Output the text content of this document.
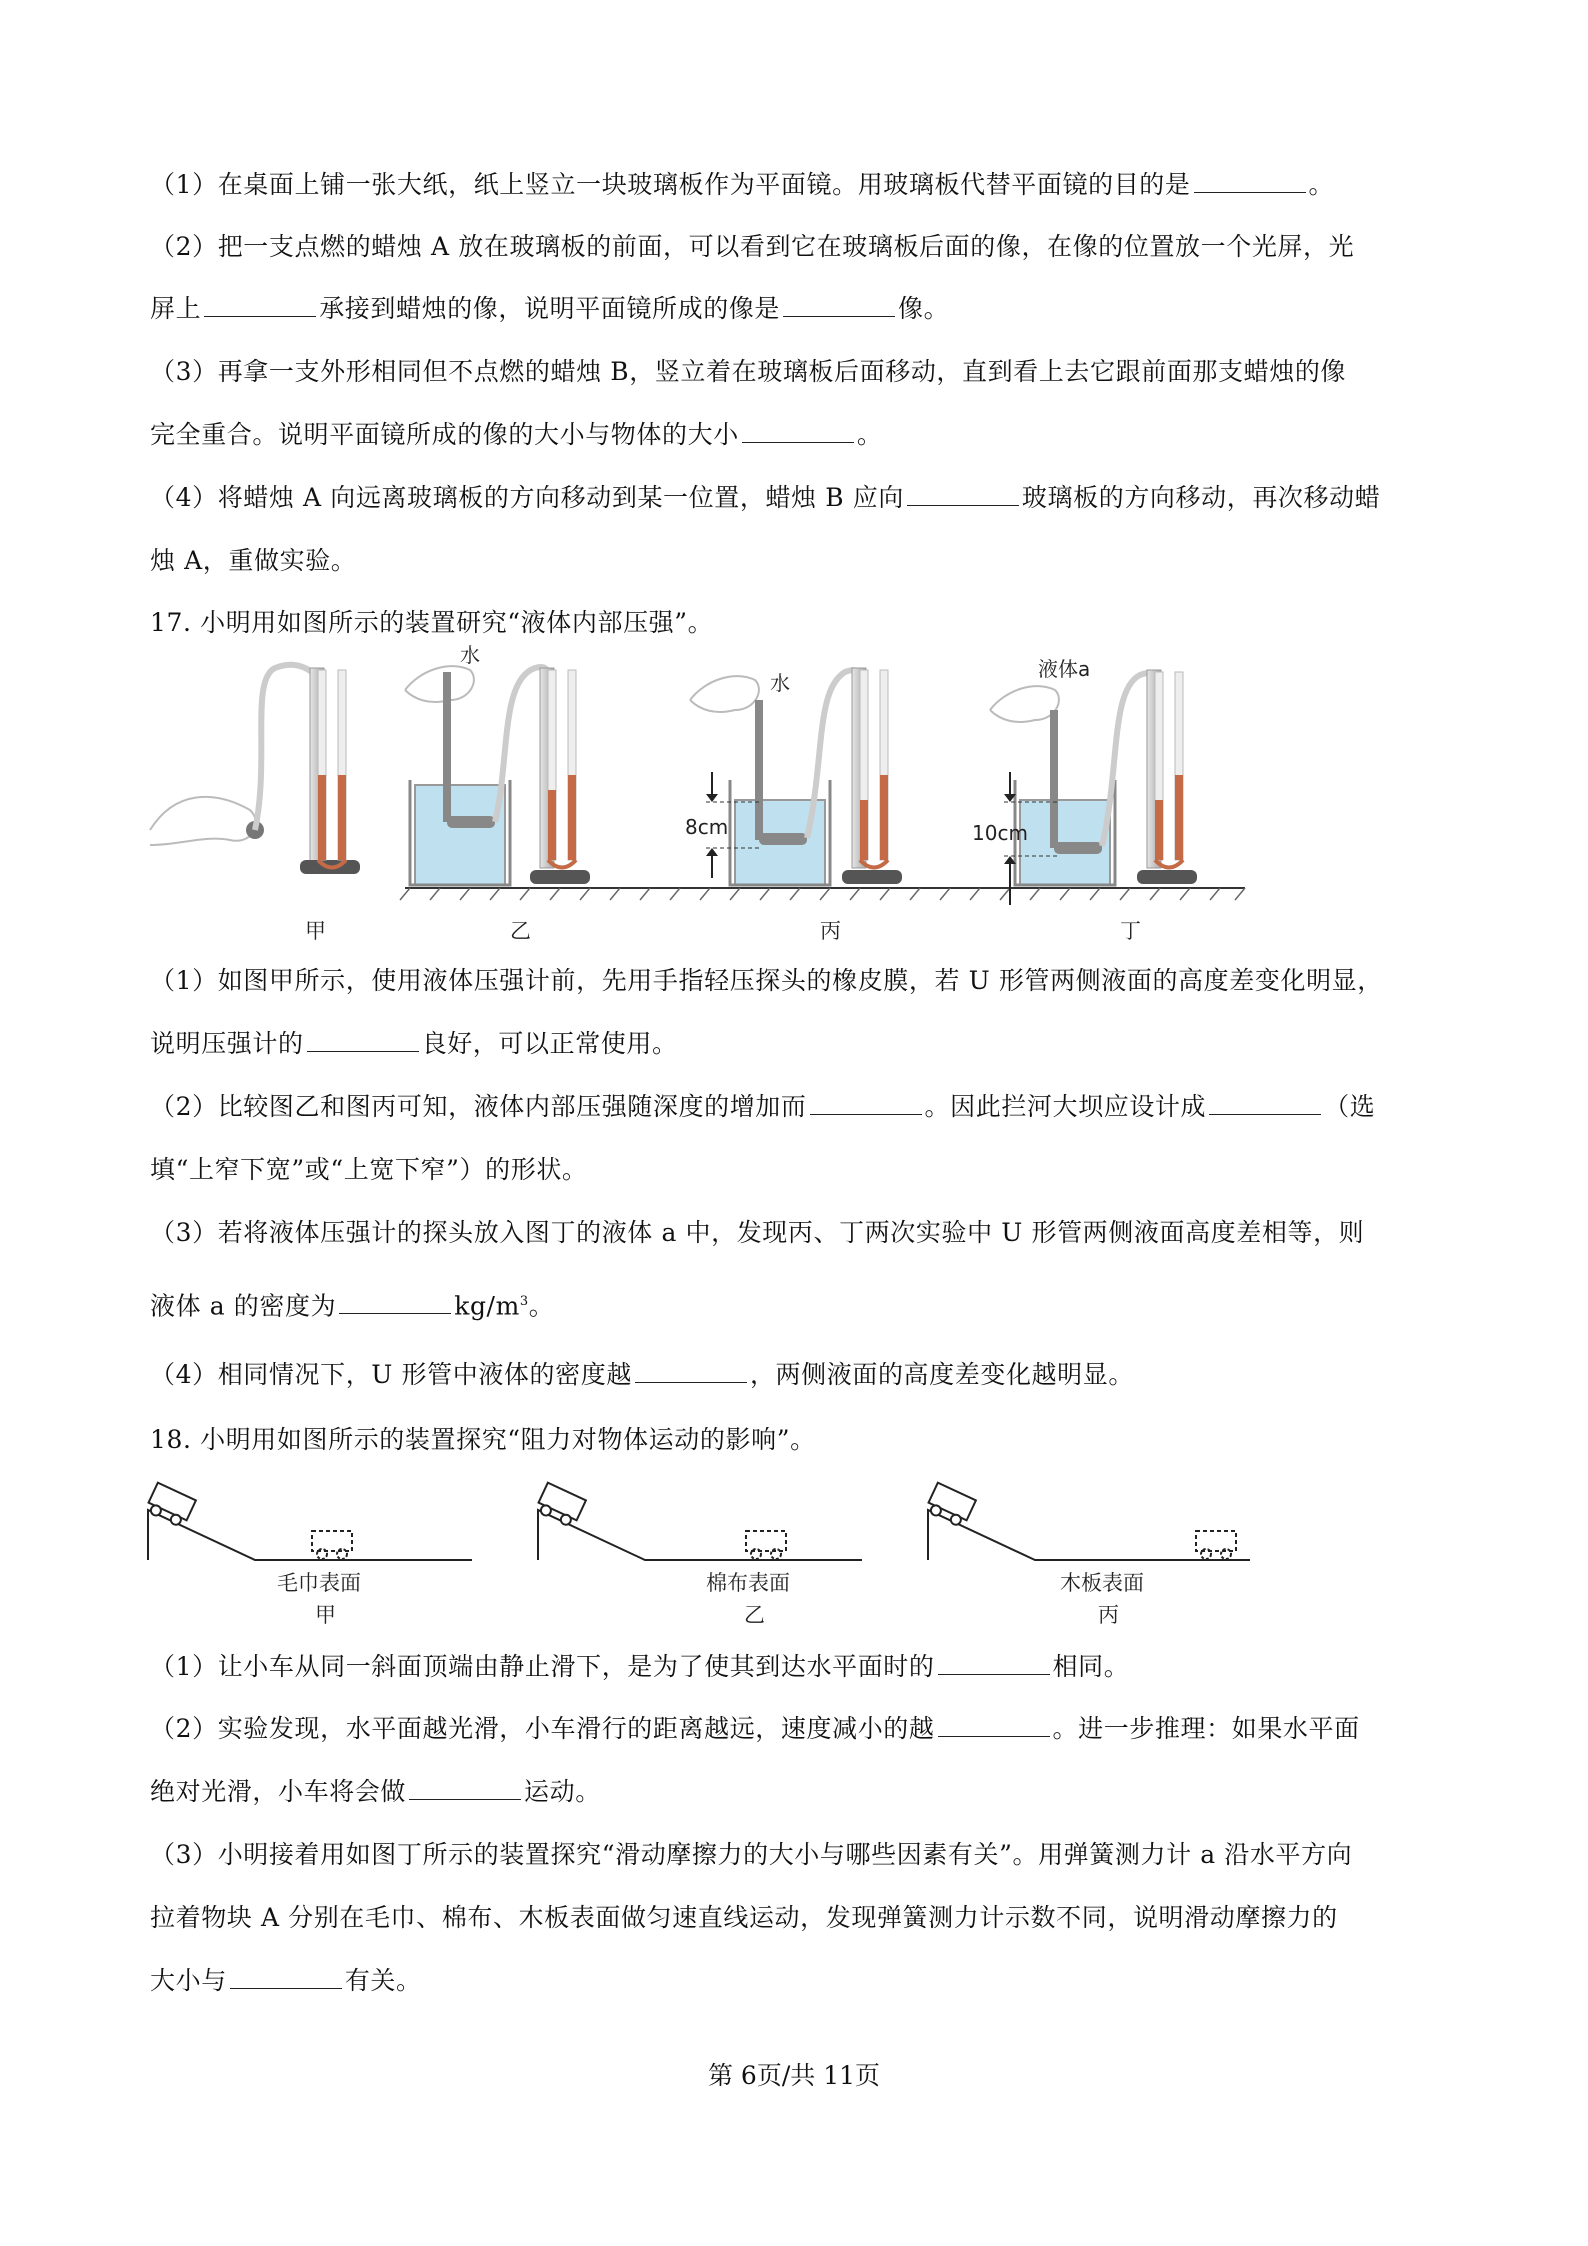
（1）在桌面上铺一张大纸，纸上竖立一块玻璃板作为平面镜。用玻璃板代替平面镜的目的是	。
（2）把一支点燃的蜡烛 A 放在玻璃板的前面，可以看到它在玻璃板后面的像，在像的位置放一个光屏，光
屏上	承接到蜡烛的像，说明平面镜所成的像是	像。
（3）再拿一支外形相同但不点燃的蜡烛 B，竖立着在玻璃板后面移动，直到看上去它跟前面那支蜡烛的像
完全重合。说明平面镜所成的像的大小与物体的大小	。
（4）将蜡烛 A 向远离玻璃板的方向移动到某一位置，蜡烛 B 应向	玻璃板的方向移动，再次移动蜡
烛 A，重做实验。
17. 小明用如图所示的装置研究“液体内部压强”。
水
水
8cm
液体a
10cm
甲	乙	丙	丁
毛巾表面
甲
棉布表面
乙
木板表面
丙
（1）如图甲所示，使用液体压强计前，先用手指轻压探头的橡皮膜，若 U 形管两侧液面的高度差变化明显，
说明压强计的	良好，可以正常使用。
（2）比较图乙和图丙可知，液体内部压强随深度的增加而	。因此拦河大坝应设计成	（选
填“上窄下宽”或“上宽下窄”）的形状。
（3）若将液体压强计的探头放入图丁的液体 a 中，发现丙、丁两次实验中 U 形管两侧液面高度差相等，则
液体 a 的密度为	$kg/m^3$。
（4）相同情况下，U 形管中液体的密度越	，两侧液面的高度差变化越明显。
18. 小明用如图所示的装置探究“阻力对物体运动的影响”。
（1）让小车从同一斜面顶端由静止滑下，是为了使其到达水平面时的	相同。
（2）实验发现，水平面越光滑，小车滑行的距离越远，速度减小的越	。进一步推理：如果水平面
绝对光滑，小车将会做	运动。
（3）小明接着用如图丁所示的装置探究“滑动摩擦力的大小与哪些因素有关”。用弹簧测力计 a 沿水平方向
拉着物块 A 分别在毛巾、棉布、木板表面做匀速直线运动，发现弹簧测力计示数不同，说明滑动摩擦力的
大小与	有关。
第 6页/共 11页
